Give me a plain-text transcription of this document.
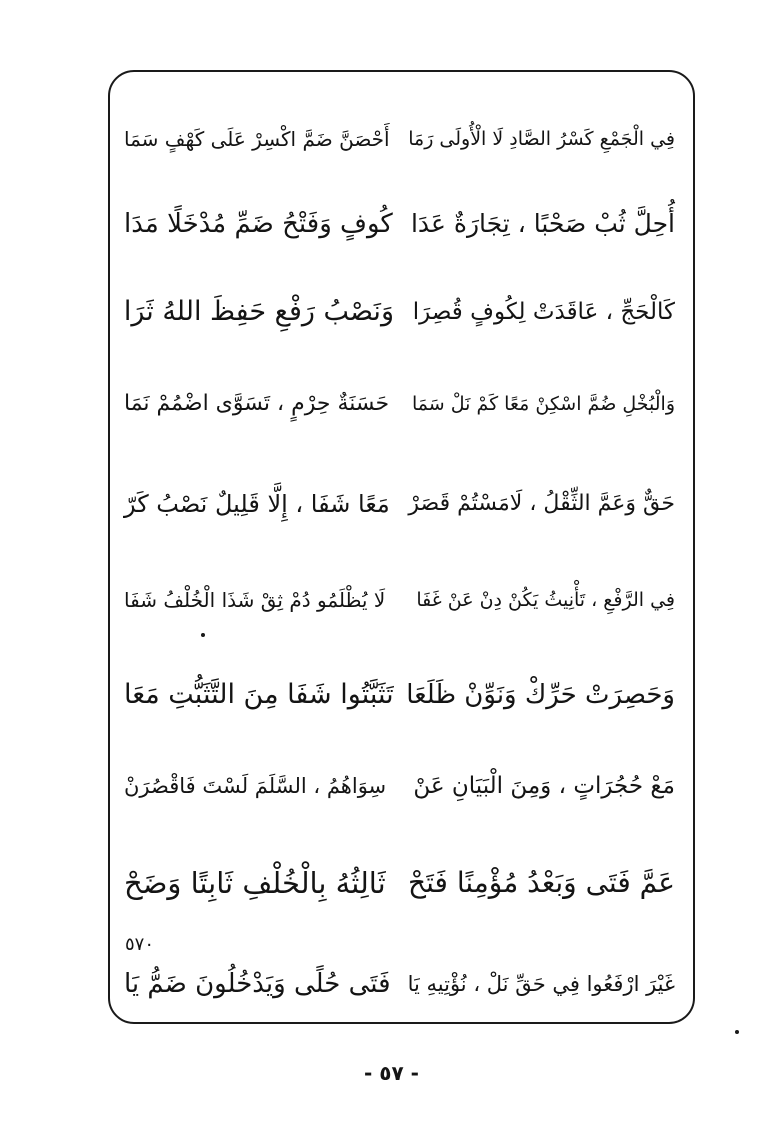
فِي الْجَمْعِ كَسْرُ الصَّادِ لَا الْأُولَى رَمَا
أَحْصَنَّ ضَمَّ اكْسِرْ عَلَى كَهْفٍ سَمَا
أُحِلَّ ثُبْ صَحْبًا ، تِجَارَةٌ عَدَا
كُوفٍ وَفَتْحُ ضَمِّ مُدْخَلًا مَدَا
كَالْحَجِّ ، عَاقَدَتْ لِكُوفٍ قُصِرَا
وَنَصْبُ رَفْعِ حَفِظَ اللهُ ثَرَا
وَالْبُخْلِ ضُمَّ اسْكِنْ مَعًا كَمْ نَلْ سَمَا
حَسَنَةٌ حِرْمٍ ، تَسَوَّى اضْمُمْ نَمَا
حَقٌّ وَعَمَّ الثِّقْلُ ، لَامَسْتُمْ قَصَرْ
مَعًا شَفَا ، إِلَّا قَلِيلٌ نَصْبُ كَرّ
فِي الرَّفْعِ ، تَأْنِيثُ يَكُنْ دِنْ عَنْ غَفَا
لَا يُظْلَمُو دُمْ ثِقْ شَذَا الْخُلْفُ شَفَا
وَحَصِرَتْ حَرِّكْ وَنَوِّنْ ظَلَعَا
تَثَبَّتُوا شَفَا مِنَ التَّثَبُّتِ مَعَا
مَعْ حُجُرَاتٍ ، وَمِنَ الْبَيَانِ عَنْ
سِوَاهُمُ ، السَّلَمَ لَسْتَ فَاقْصُرَنْ
عَمَّ فَتَى وَبَعْدُ مُؤْمِنًا فَتَحْ
ثَالِثُهُ بِالْخُلْفِ ثَابِتًا وَضَحْ
٥٧٠
غَيْرَ ارْفَعُوا فِي حَقِّ نَلْ ، نُؤْتِيهِ يَا
فَتَى حُلًى وَيَدْخُلُونَ ضَمُّ يَا
- ٥٧ -
